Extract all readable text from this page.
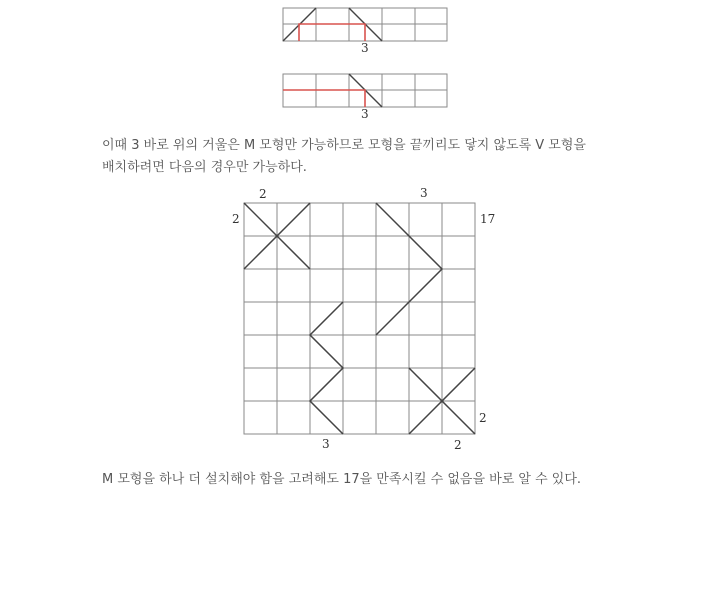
3
3
2	3
17
2
2
3	2

이때 3 바로 위의 거울은 M 모형만 가능하므로 모형을 끝끼리도 닿지 않도록 V 모형을
배치하려면 다음의 경우만 가능하다.

M 모형을 하나 더 설치해야 함을 고려해도 17을 만족시킬 수 없음을 바로 알 수 있다.
